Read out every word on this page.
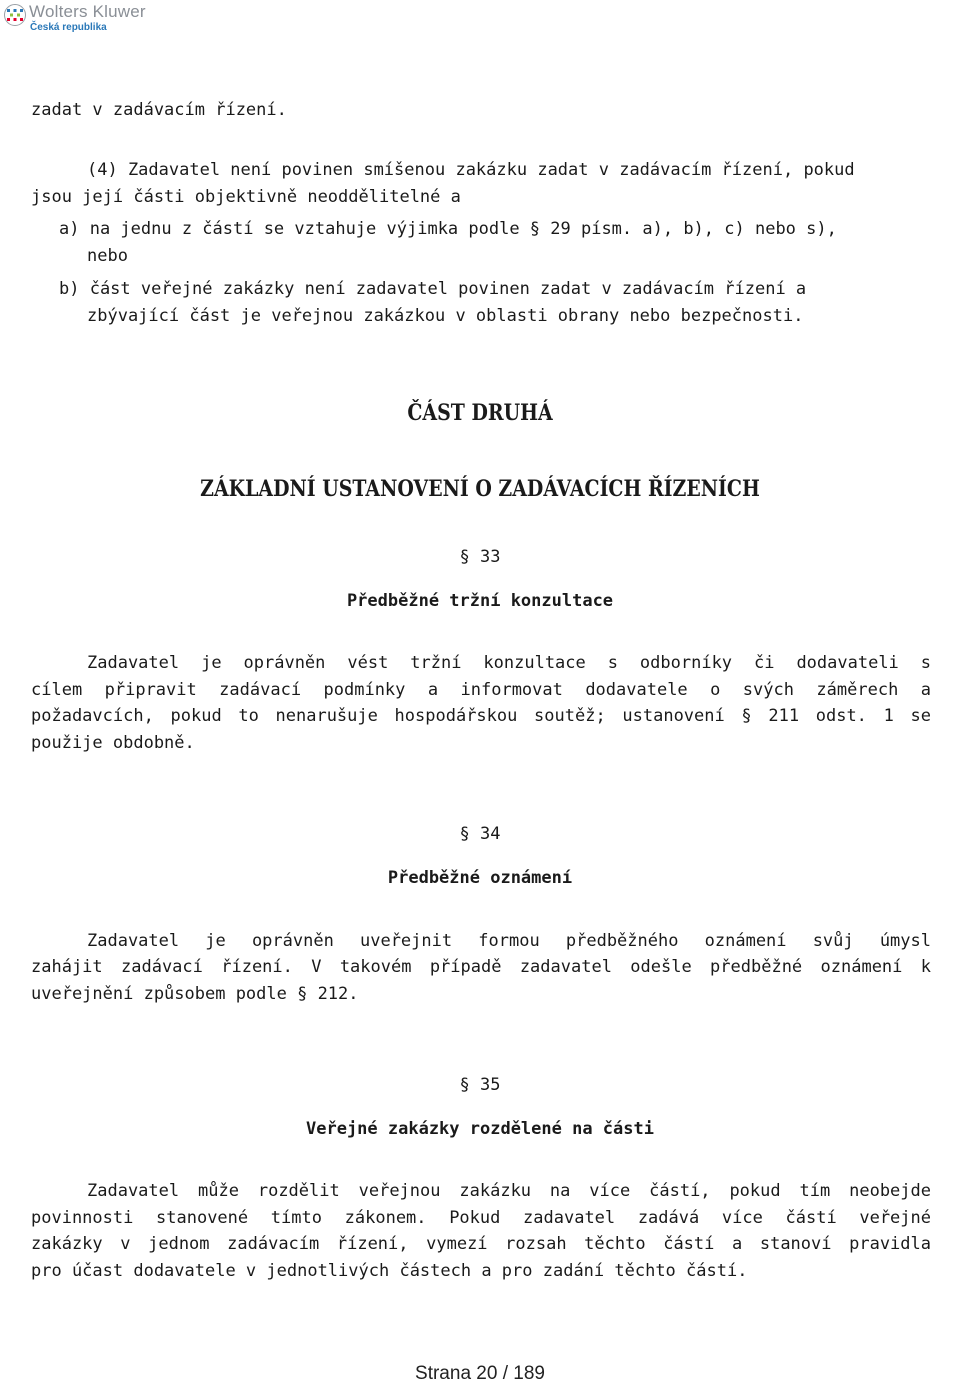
Wolters Kluwer
Česká republika
zadat v zadávacím řízení.
(4) Zadavatel není povinen smíšenou zakázku zadat v zadávacím řízení, pokud
jsou její části objektivně neoddělitelné a
a) na jednu z částí se vztahuje výjimka podle § 29 písm. a), b), c) nebo s),
nebo
b) část veřejné zakázky není zadavatel povinen zadat v zadávacím řízení a
zbývající část je veřejnou zakázkou v oblasti obrany nebo bezpečnosti.
ČÁST DRUHÁ
ZÁKLADNÍ USTANOVENÍ O ZADÁVACÍCH ŘÍZENÍCH
§ 33
Předběžné tržní konzultace
Zadavatel je oprávněn vést tržní konzultace s odborníky či dodavateli s
cílem připravit zadávací podmínky a informovat dodavatele o svých záměrech a
požadavcích, pokud to nenarušuje hospodářskou soutěž; ustanovení § 211 odst. 1 se
použije obdobně.
§ 34
Předběžné oznámení
Zadavatel je oprávněn uveřejnit formou předběžného oznámení svůj úmysl
zahájit zadávací řízení. V takovém případě zadavatel odešle předběžné oznámení k
uveřejnění způsobem podle § 212.
§ 35
Veřejné zakázky rozdělené na části
Zadavatel může rozdělit veřejnou zakázku na více částí, pokud tím neobejde
povinnosti stanovené tímto zákonem. Pokud zadavatel zadává více částí veřejné
zakázky v jednom zadávacím řízení, vymezí rozsah těchto částí a stanoví pravidla
pro účast dodavatele v jednotlivých částech a pro zadání těchto částí.
Strana 20 / 189
